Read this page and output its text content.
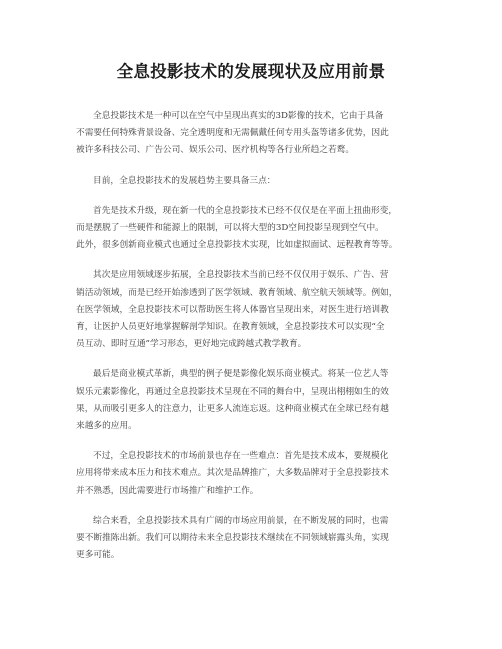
全息投影技术的发展现状及应用前景

全息投影技术是一种可以在空气中呈现出真实的3D影像的技术，它由于具备
不需要任何特殊背景设备、完全透明度和无需佩戴任何专用头盔等诸多优势，因此
被许多科技公司、广告公司、娱乐公司、医疗机构等各行业所趋之若鹜。

目前，全息投影技术的发展趋势主要具备三点：

首先是技术升级，现在新一代的全息投影技术已经不仅仅是在平面上扭曲形变，
而是摆脱了一些硬件和能源上的限制，可以将大型的3D空间投影呈现到空气中。
此外，很多创新商业模式也通过全息投影技术实现，比如虚拟面试、远程教育等等。

其次是应用领域逐步拓展，全息投影技术当前已经不仅仅用于娱乐、广告、营
销活动领域，而是已经开始渗透到了医学领域、教育领域、航空航天领域等。例如，
在医学领域，全息投影技术可以帮助医生将人体器官呈现出来，对医生进行培训教
育，让医护人员更好地掌握解剖学知识。在教育领域，全息投影技术可以实现“全
员互动、即时互通”学习形态，更好地完成跨越式教学教育。

最后是商业模式革新，典型的例子便是影像化娱乐商业模式。将某一位艺人等
娱乐元素影像化，再通过全息投影技术呈现在不同的舞台中，呈现出栩栩如生的效
果，从而吸引更多人的注意力，让更多人流连忘返。这种商业模式在全球已经有越
来越多的应用。

不过，全息投影技术的市场前景也存在一些难点：首先是技术成本，要规模化
应用将带来成本压力和技术难点。其次是品牌推广，大多数品牌对于全息投影技术
并不熟悉，因此需要进行市场推广和维护工作。

综合来看，全息投影技术具有广阔的市场应用前景，在不断发展的同时，也需
要不断推陈出新。我们可以期待未来全息投影技术继续在不同领域崭露头角，实现
更多可能。
